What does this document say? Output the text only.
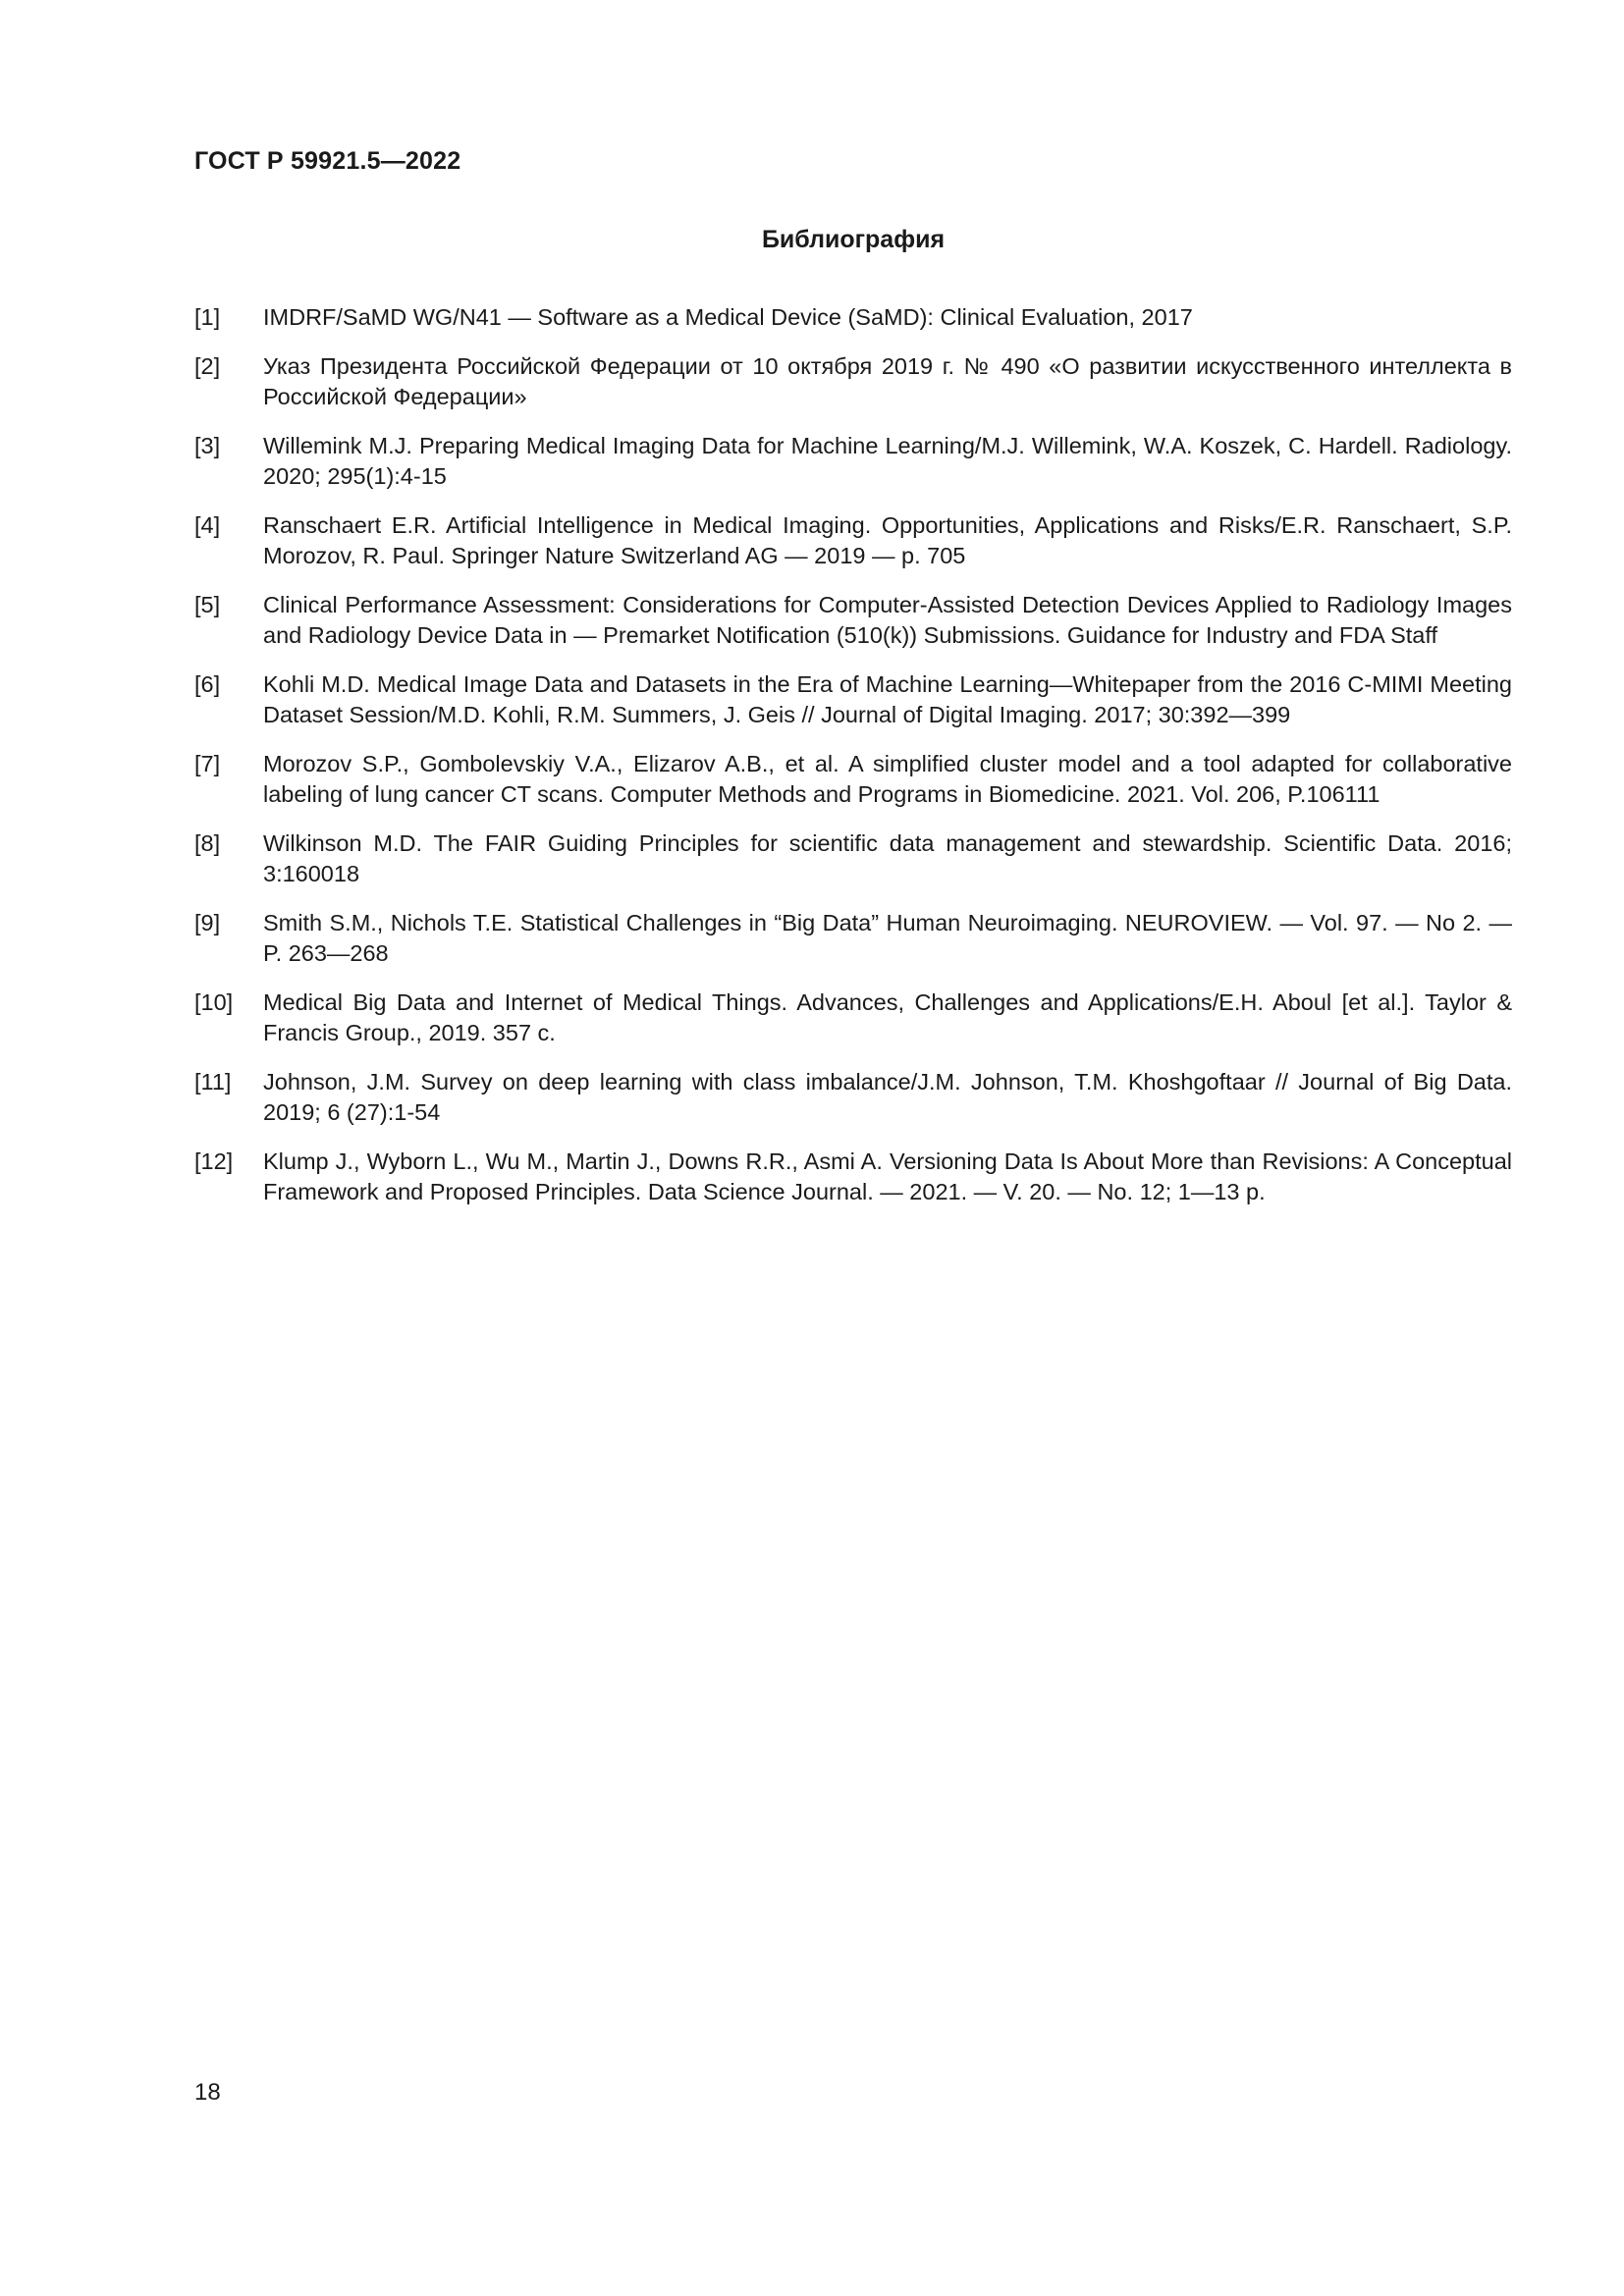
ГОСТ Р 59921.5—2022
Библиография
[1]	IMDRF/SaMD WG/N41 — Software as a Medical Device (SaMD): Clinical Evaluation, 2017
[2]	Указ Президента Российской Федерации от 10 октября 2019 г. № 490 «О развитии искусственного интеллекта в Российской Федерации»
[3]	Willemink M.J. Preparing Medical Imaging Data for Machine Learning/M.J. Willemink, W.A. Koszek, C. Hardell. Radiology. 2020; 295(1):4-15
[4]	Ranschaert E.R. Artificial Intelligence in Medical Imaging. Opportunities, Applications and Risks/E.R. Ranschaert, S.P. Morozov, R. Paul. Springer Nature Switzerland AG — 2019 — p. 705
[5]	Clinical Performance Assessment: Considerations for Computer-Assisted Detection Devices Applied to Radiology Images and Radiology Device Data in — Premarket Notification (510(k)) Submissions. Guidance for Industry and FDA Staff
[6]	Kohli M.D. Medical Image Data and Datasets in the Era of Machine Learning—Whitepaper from the 2016 C-MIMI Meeting Dataset Session/M.D. Kohli, R.M. Summers, J. Geis // Journal of Digital Imaging. 2017; 30:392—399
[7]	Morozov S.P., Gombolevskiy V.A., Elizarov A.B., et al. A simplified cluster model and a tool adapted for collaborative labeling of lung cancer CT scans. Computer Methods and Programs in Biomedicine. 2021. Vol. 206, P.106111
[8]	Wilkinson M.D. The FAIR Guiding Principles for scientific data management and stewardship. Scientific Data. 2016; 3:160018
[9]	Smith S.M., Nichols T.E. Statistical Challenges in “Big Data” Human Neuroimaging. NEUROVIEW. — Vol. 97. — No 2. — P. 263—268
[10]	Medical Big Data and Internet of Medical Things. Advances, Challenges and Applications/E.H. Aboul [et al.]. Taylor & Francis Group., 2019. 357 c.
[11]	Johnson, J.M. Survey on deep learning with class imbalance/J.M. Johnson, T.M. Khoshgoftaar // Journal of Big Data. 2019; 6 (27):1-54
[12]	Klump J., Wyborn L., Wu M., Martin J., Downs R.R., Asmi A. Versioning Data Is About More than Revisions: A Conceptual Framework and Proposed Principles. Data Science Journal. — 2021. — V. 20. — No. 12; 1—13 p.
18
